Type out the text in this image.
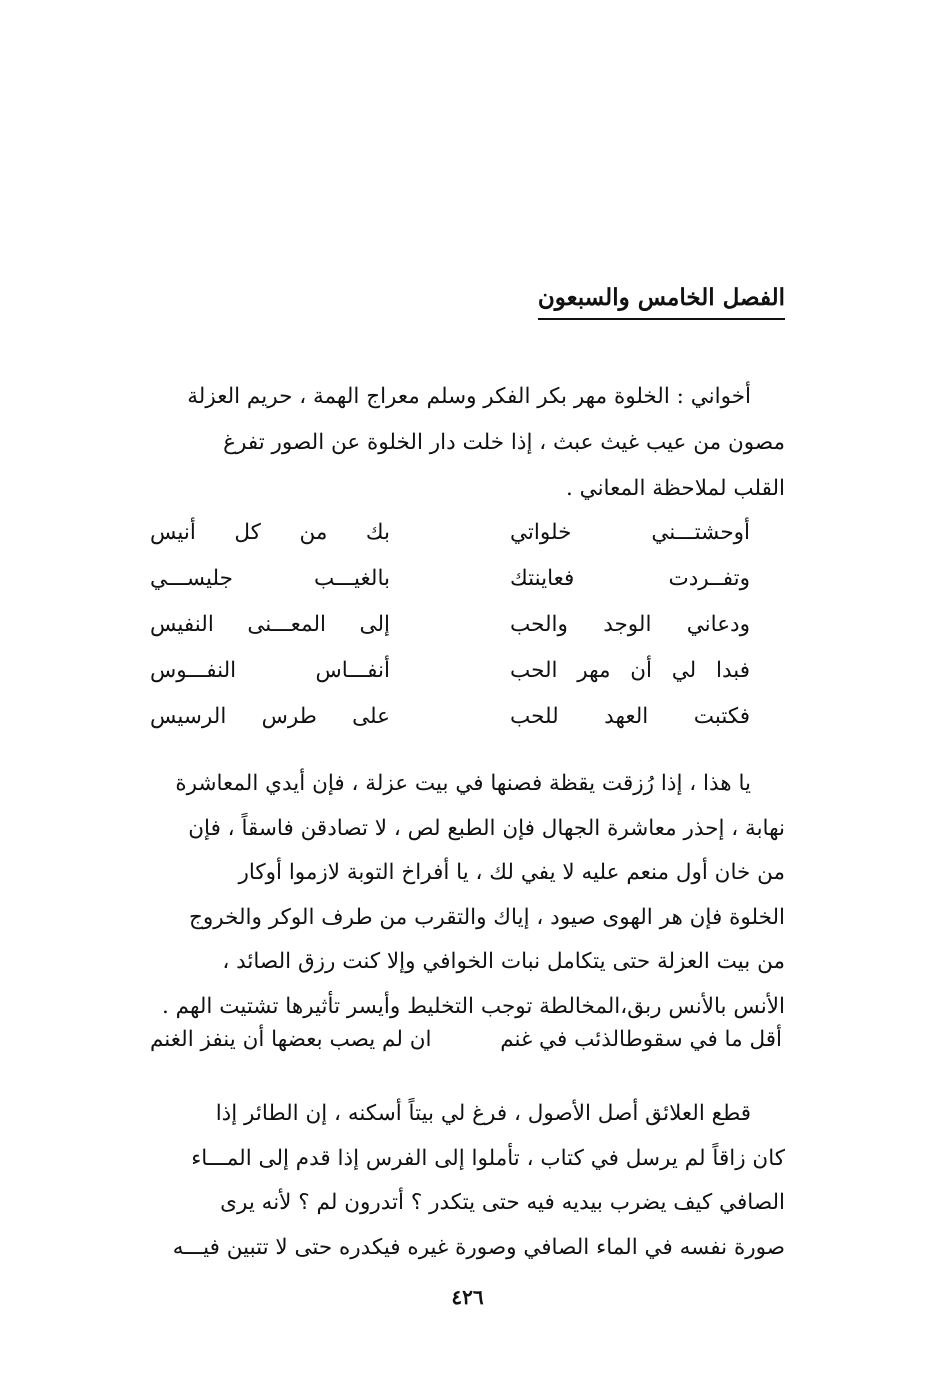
الفصل الخامس والسبعون
أخواني : الخلوة مهر بكر الفكر وسلم معراج الهمة ، حريم العزلة
مصون من عيب غيث عبث ، إذا خلت دار الخلوة عن الصور تفرغ
القلب لملاحظة المعاني .
أوحشتـــني خلواتي
بك من كل أنيس
وتفــردت فعاينتك
بالغيـــب جليســـي
ودعاني الوجد والحب
إلى المعـــنى النفيس
فبدا لي أن مهر الحب
أنفـــاس النفـــوس
فكتبت العهد للحب
على طرس الرسيس
يا هذا ، إذا رُزقت يقظة فصنها في بيت عزلة ، فإن أيدي المعاشرة
نهابة ، إحذر معاشرة الجهال فإن الطبع لص ، لا تصادقن فاسقاً ، فإن
من خان أول منعم عليه لا يفي لك ، يا أفراخ التوبة لازموا أوكار
الخلوة فإن هر الهوى صيود ، إياك والتقرب من طرف الوكر والخروج
من بيت العزلة حتى يتكامل نبات الخوافي وإلا كنت رزق الصائد ،
الأنس بالأنس ربق،المخالطة توجب التخليط وأيسر تأثيرها تشتيت الهم .
أقل ما في سقوطالذئب في غنم
ان لم يصب بعضها أن ينفز الغنم
قطع العلائق أصل الأصول ، فرغ لي بيتاً أسكنه ، إن الطائر إذا
كان زاقاً لم يرسل في كتاب ، تأملوا إلى الفرس إذا قدم إلى المـــاء
الصافي كيف يضرب بيديه فيه حتى يتكدر ؟ أتدرون لم ؟ لأنه يرى
صورة نفسه في الماء الصافي وصورة غيره فيكدره حتى لا تتبين فيـــه
٤٢٦
